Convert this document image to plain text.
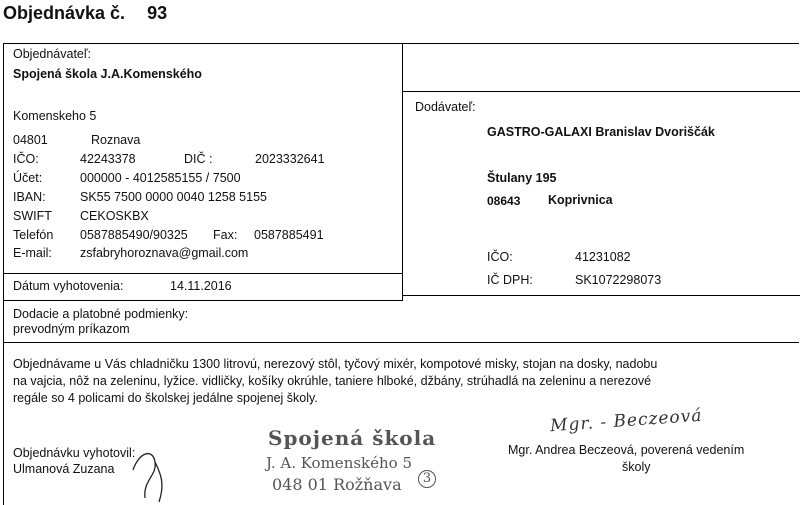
Objednávka č. 93
Objednávateľ:
Spojená škola J.A.Komenského
Komenskeho 5
04801	Roznava
IČO:	42243378	DIČ :	2023332641
Účet:	000000 - 4012585155 / 7500
IBAN:	SK55 7500 0000 0040 1258 5155
SWIFT CEKOSKBX
Telefón 0587885490/90325 Fax: 0587885491
E-mail: zsfabryhoroznava@gmail.com
Dátum vyhotovenia:	14.11.2016
Dodávateľ:
GASTRO-GALAXI Branislav Dvoriščák
Štulany 195
08643 Koprivnica
IČO:	41231082
IČ DPH:	SK1072298073
Dodacie a platobné podmienky:
prevodným príkazom
Objednávame u Vás chladničku 1300 litrovú, nerezový stôl, tyčový mixér, kompotové misky, stojan na dosky, nadobu
na vajcia, nôž na zeleninu, lyžice. vidličky, košíky okrúhle, taniere hlboké, džbány, strúhadlá na zeleninu a nerezové
regále so 4 policami do školskej jedálne spojenej školy.
Objednávku vyhotovil:
Ulmanová Zuzana
Spojená škola
J. A. Komenského 5
048 01 Rožňava	3
Mgr. - Beczeová
Mgr. Andrea Beczeová, poverená vedením
školy
